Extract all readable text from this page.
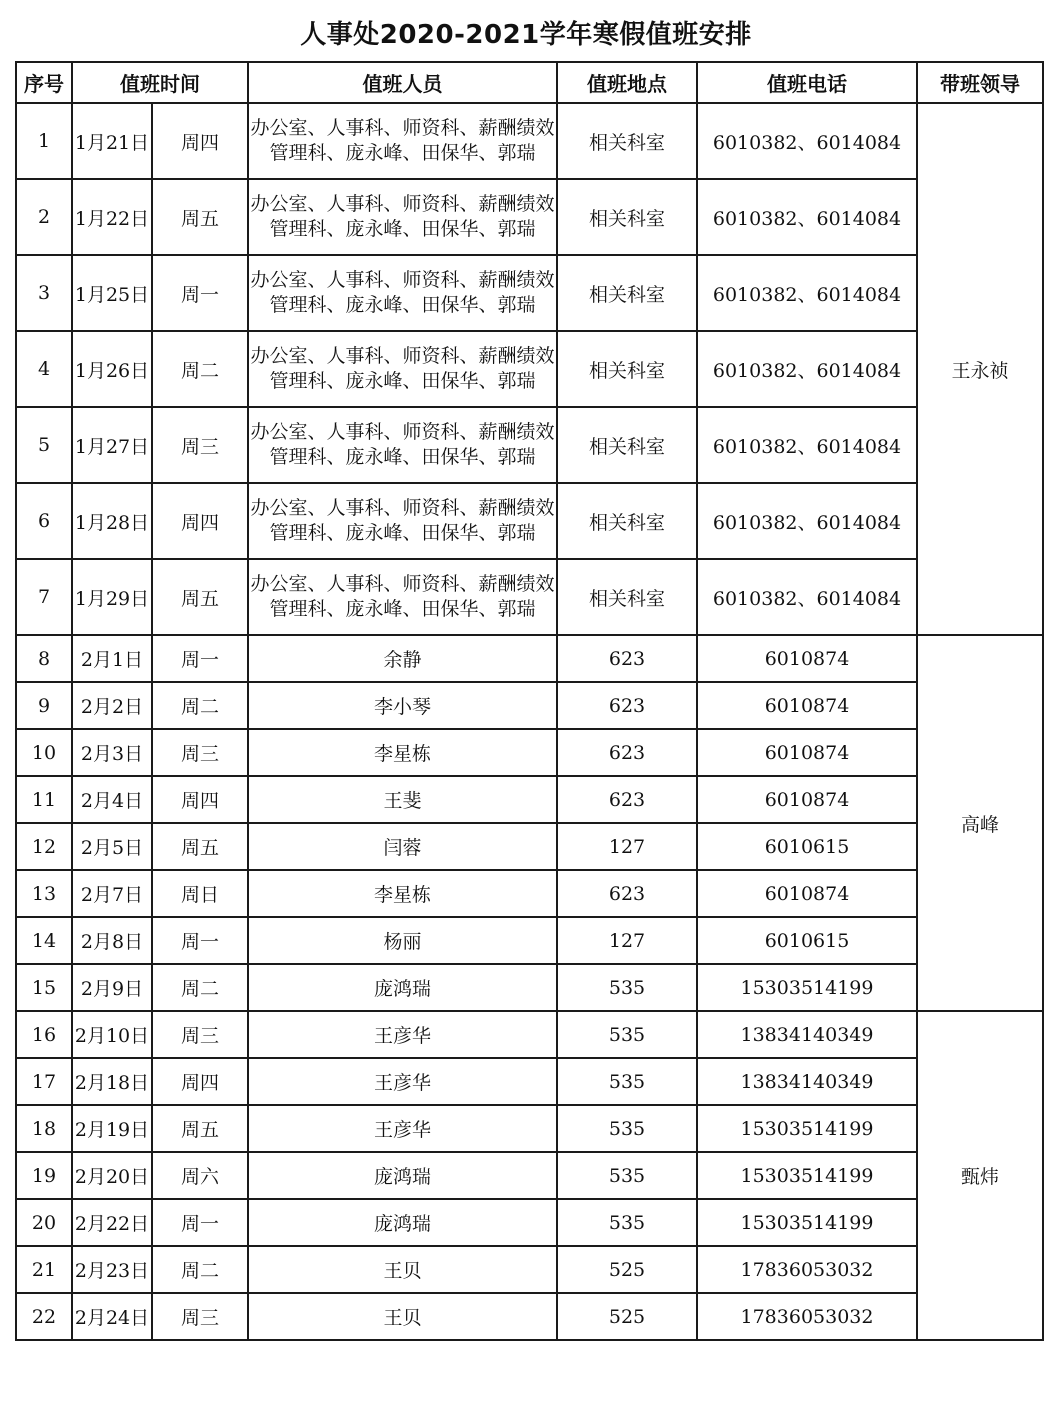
人事处2020-2021学年寒假值班安排
序号	值班时间		值班人员	值班地点	值班电话	带班领导
1	1月21日	周四	办公室、人事科、师资科、薪酬绩效管理科、庞永峰、田保华、郭瑞	相关科室	6010382、6014084	王永祯
2	1月22日	周五	办公室、人事科、师资科、薪酬绩效管理科、庞永峰、田保华、郭瑞	相关科室	6010382、6014084	
3	1月25日	周一	办公室、人事科、师资科、薪酬绩效管理科、庞永峰、田保华、郭瑞	相关科室	6010382、6014084	
4	1月26日	周二	办公室、人事科、师资科、薪酬绩效管理科、庞永峰、田保华、郭瑞	相关科室	6010382、6014084	
5	1月27日	周三	办公室、人事科、师资科、薪酬绩效管理科、庞永峰、田保华、郭瑞	相关科室	6010382、6014084	
6	1月28日	周四	办公室、人事科、师资科、薪酬绩效管理科、庞永峰、田保华、郭瑞	相关科室	6010382、6014084	
7	1月29日	周五	办公室、人事科、师资科、薪酬绩效管理科、庞永峰、田保华、郭瑞	相关科室	6010382、6014084	
8	2月1日	周一	余静	623	6010874	高峰
9	2月2日	周二	李小琴	623	6010874	
10	2月3日	周三	李星栋	623	6010874	
11	2月4日	周四	王斐	623	6010874	
12	2月5日	周五	闫蓉	127	6010615	
13	2月7日	周日	李星栋	623	6010874	
14	2月8日	周一	杨丽	127	6010615	
15	2月9日	周二	庞鸿瑞	535	15303514199	
16	2月10日	周三	王彦华	535	13834140349	甄炜
17	2月18日	周四	王彦华	535	13834140349	
18	2月19日	周五	王彦华	535	15303514199	
19	2月20日	周六	庞鸿瑞	535	15303514199	
20	2月22日	周一	庞鸿瑞	535	15303514199	
21	2月23日	周二	王贝	525	17836053032	
22	2月24日	周三	王贝	525	17836053032	
